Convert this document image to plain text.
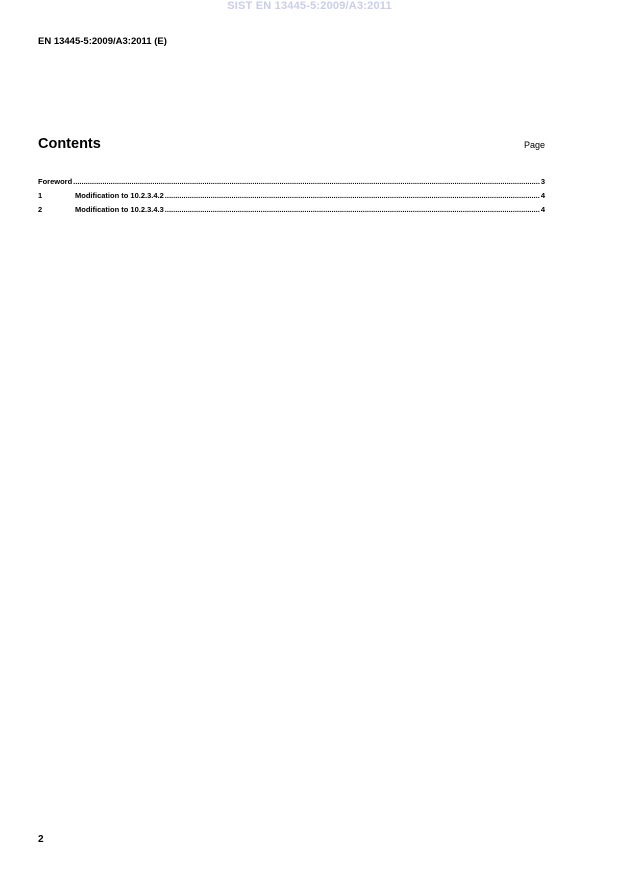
SIST EN 13445-5:2009/A3:2011
EN 13445-5:2009/A3:2011 (E)
Contents	Page
Foreword .....	3
1	Modification to 10.2.3.4.2 .....	4
2	Modification to 10.2.3.4.3 .....	4
2
